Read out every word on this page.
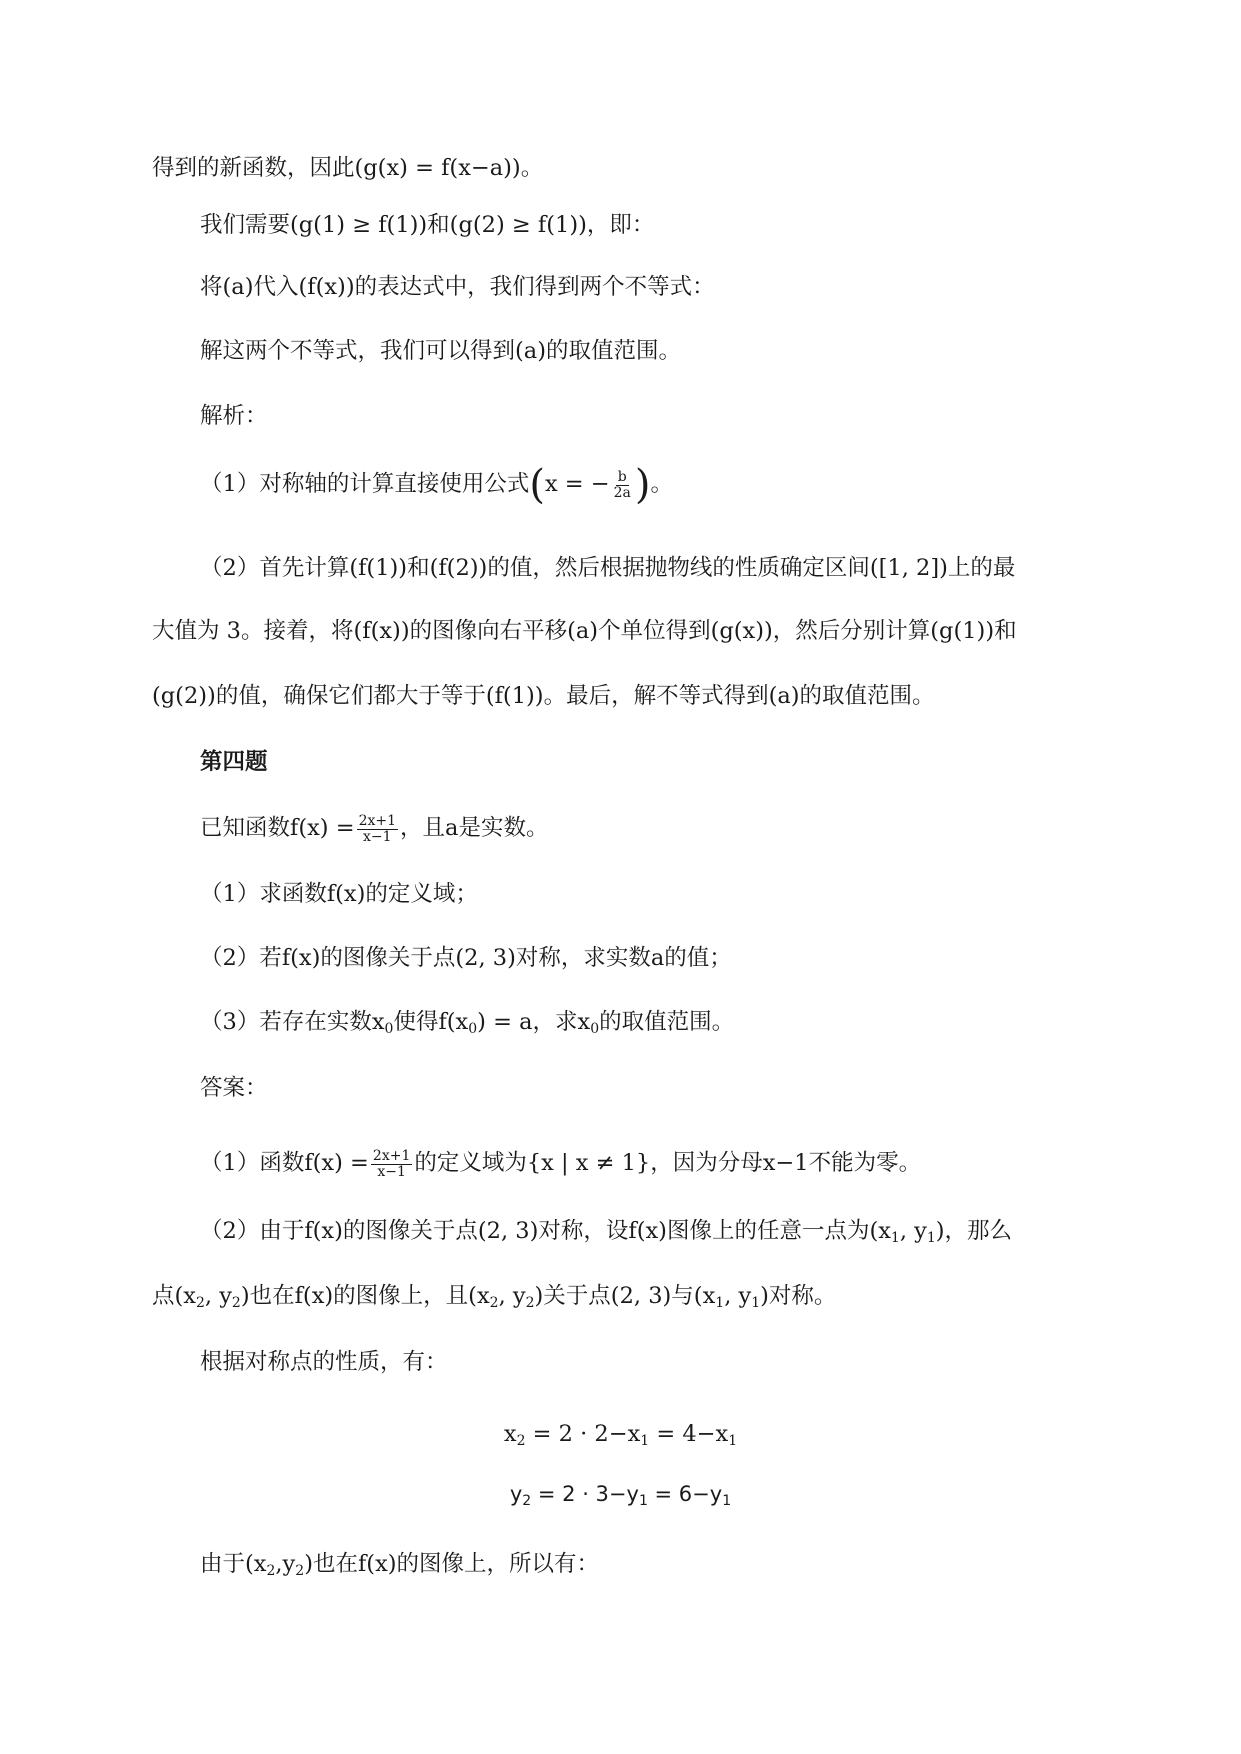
得到的新函数，因此(g(x) = f(x−a))。
我们需要(g(1) ≥ f(1))和(g(2) ≥ f(1))，即：
将(a)代入(f(x))的表达式中，我们得到两个不等式：
解这两个不等式，我们可以得到(a)的取值范围。
解析：
（1）对称轴的计算直接使用公式(x = − $\frac{b}{2a}$ )。
（2）首先计算(f(1))和(f(2))的值，然后根据抛物线的性质确定区间([1, 2])上的最
大值为 3。接着，将(f(x))的图像向右平移(a)个单位得到(g(x))，然后分别计算(g(1))和
(g(2))的值，确保它们都大于等于(f(1))。最后，解不等式得到(a)的取值范围。
第四题
已知函数$f(x) = \frac{2x+1}{x-1}$ ，且a是实数。
（1）求函数f(x)的定义域；
（2）若f(x)的图像关于点(2, 3)对称，求实数a的值；
（3）若存在实数$x_0$使得$f(x_0) = a$，求$x_0$的取值范围。
答案：
（1）函数$f(x) = \frac{2x+1}{x-1}$ 的定义域为{x | x ≠ 1}，因为分母x−1不能为零。
（2）由于f(x)的图像关于点(2, 3)对称，设f(x)图像上的任意一点为($x_1$, $y_1$)，那么
点($x_2$, $y_2$)也在f(x)的图像上，且($x_2$, $y_2$)关于点(2, 3)与($x_1$, $y_1$)对称。
根据对称点的性质，有：
$x_2 = 2 \cdot 2-x_1 = 4-x_1$
$y_2 = 2 \cdot 3-y_1 = 6-y_1$
由于$(x_2,y_2)$也在f(x)的图像上，所以有：
